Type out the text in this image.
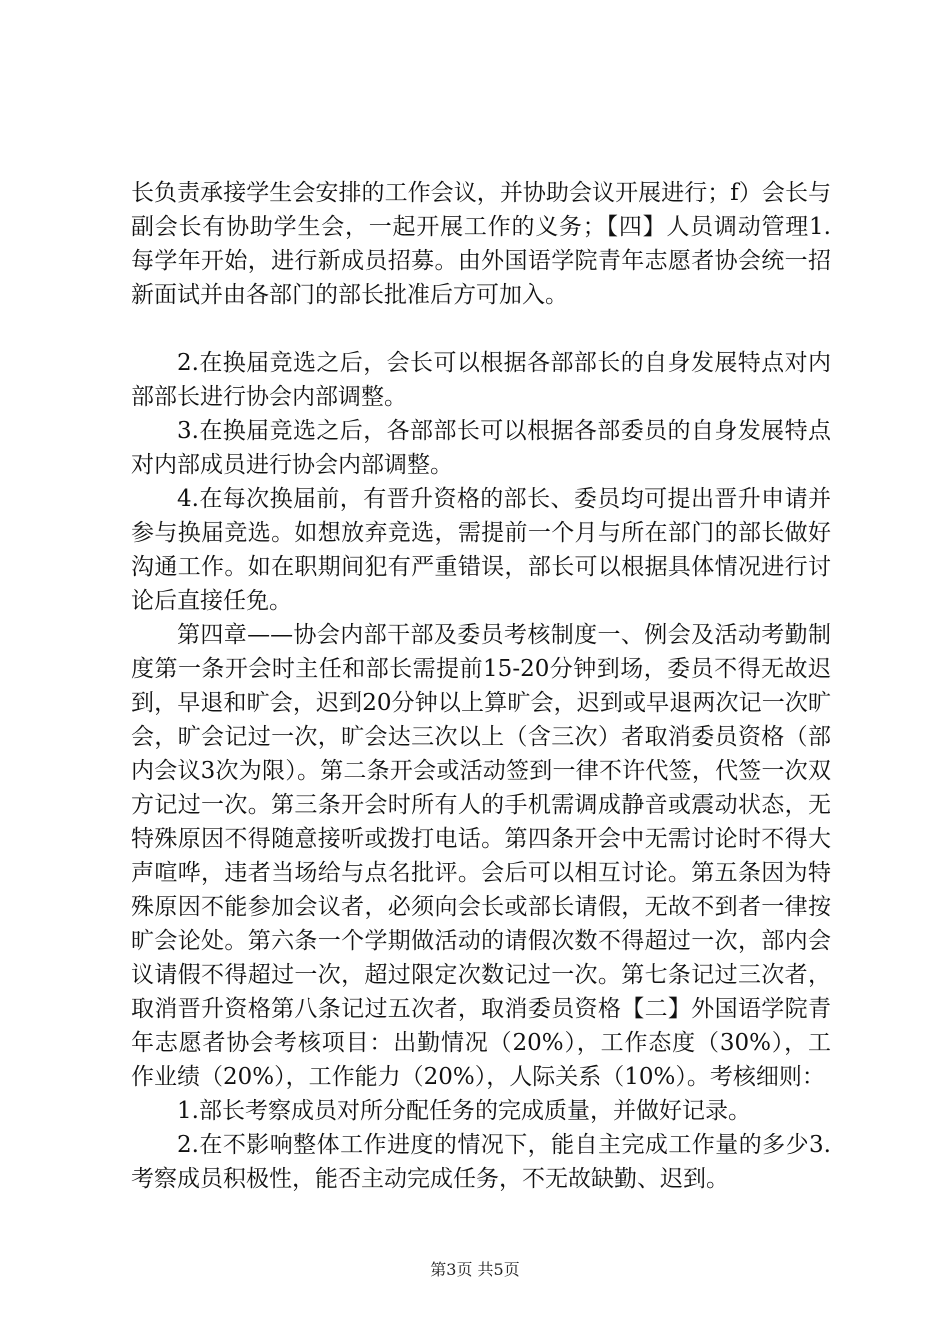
长负责承接学生会安排的工作会议，并协助会议开展进行；f）会长与副会长有协助学生会，一起开展工作的义务；【四】人员调动管理1.每学年开始，进行新成员招募。由外国语学院青年志愿者协会统一招新面试并由各部门的部长批准后方可加入。

2.在换届竞选之后，会长可以根据各部部长的自身发展特点对内部部长进行协会内部调整。

3.在换届竞选之后，各部部长可以根据各部委员的自身发展特点对内部成员进行协会内部调整。

4.在每次换届前，有晋升资格的部长、委员均可提出晋升申请并参与换届竞选。如想放弃竞选，需提前一个月与所在部门的部长做好沟通工作。如在职期间犯有严重错误，部长可以根据具体情况进行讨论后直接任免。

第四章——协会内部干部及委员考核制度一、例会及活动考勤制度第一条开会时主任和部长需提前15-20分钟到场，委员不得无故迟到，早退和旷会，迟到20分钟以上算旷会，迟到或早退两次记一次旷会，旷会记过一次，旷会达三次以上（含三次）者取消委员资格（部内会议3次为限）。第二条开会或活动签到一律不许代签，代签一次双方记过一次。第三条开会时所有人的手机需调成静音或震动状态，无特殊原因不得随意接听或拨打电话。第四条开会中无需讨论时不得大声喧哗，违者当场给与点名批评。会后可以相互讨论。第五条因为特殊原因不能参加会议者，必须向会长或部长请假，无故不到者一律按旷会论处。第六条一个学期做活动的请假次数不得超过一次，部内会议请假不得超过一次，超过限定次数记过一次。第七条记过三次者，取消晋升资格第八条记过五次者，取消委员资格【二】外国语学院青年志愿者协会考核项目：出勤情况（20%），工作态度（30%），工作业绩（20%），工作能力（20%），人际关系（10%）。考核细则：

1.部长考察成员对所分配任务的完成质量，并做好记录。

2.在不影响整体工作进度的情况下，能自主完成工作量的多少3.考察成员积极性，能否主动完成任务，不无故缺勤、迟到。

第3页 共5页
